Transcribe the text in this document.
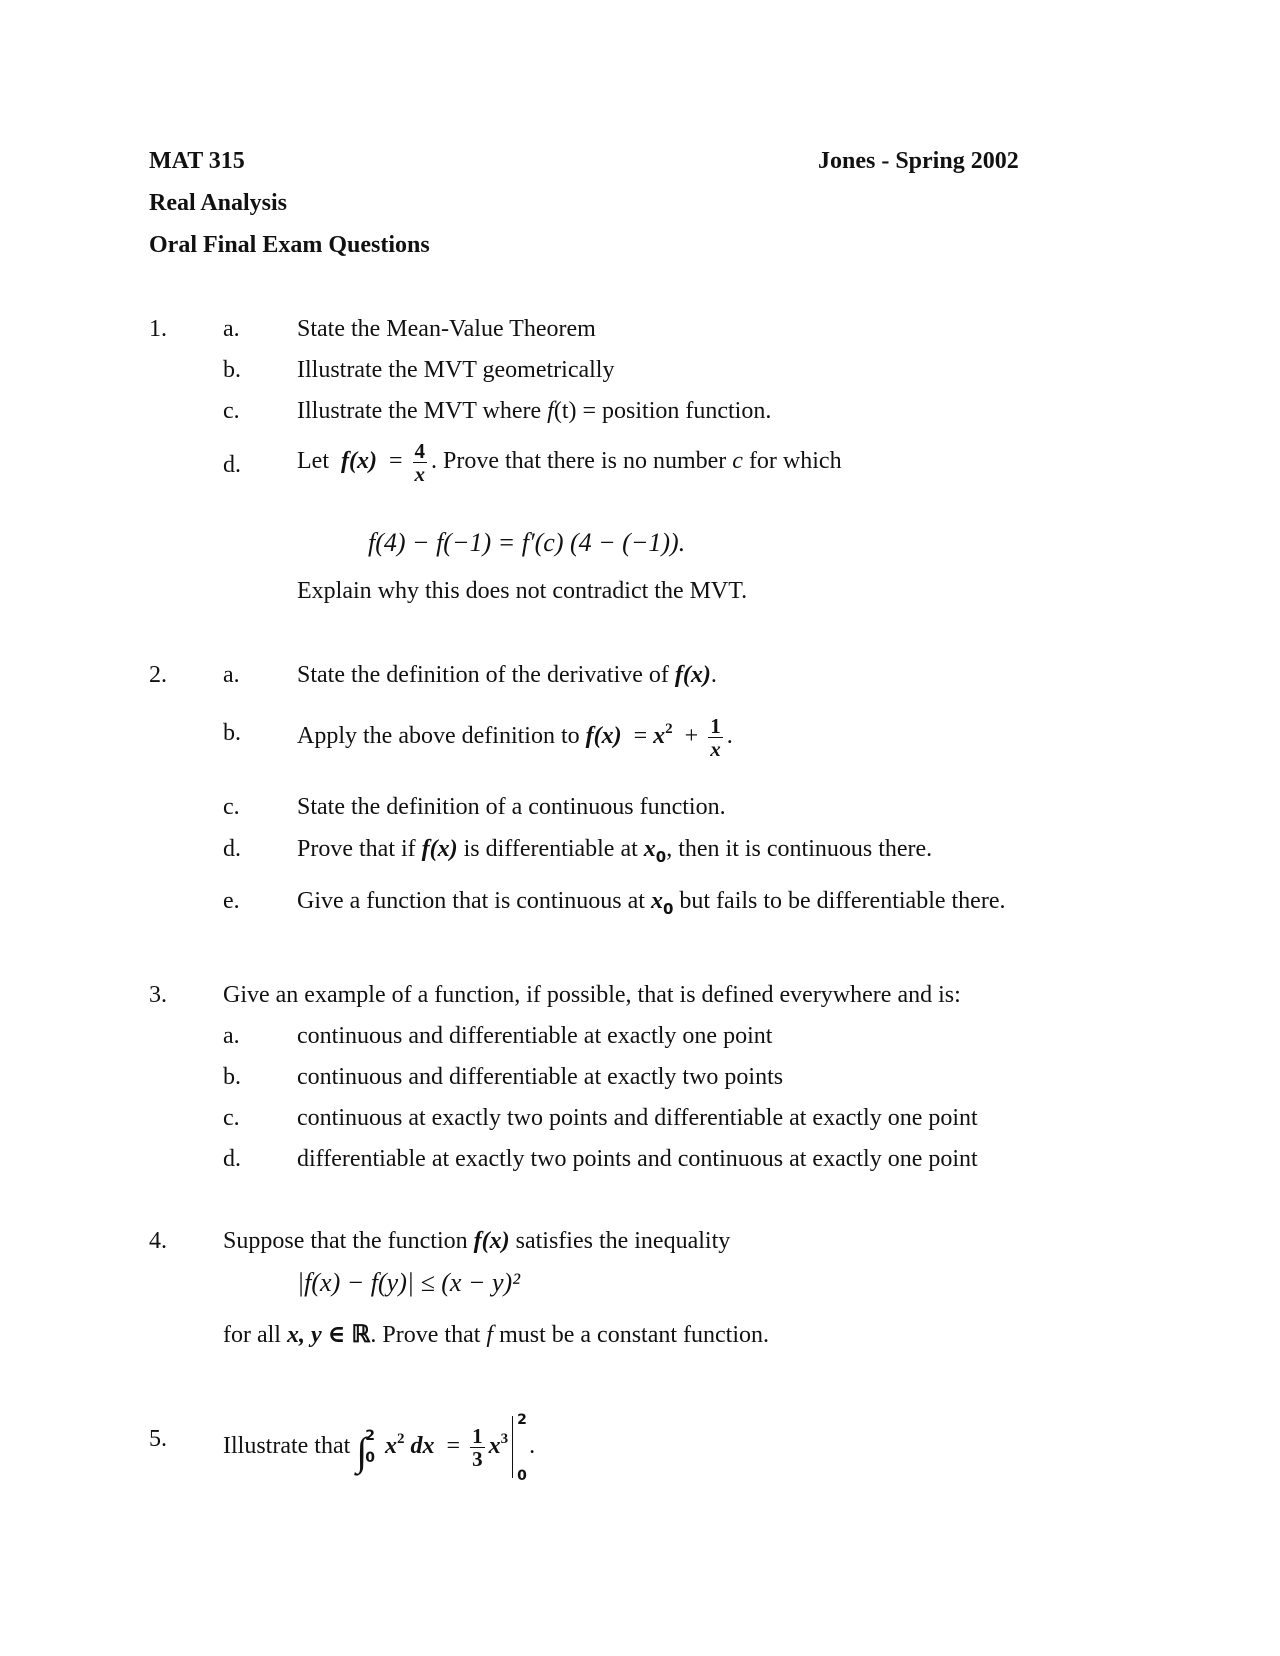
MAT 315	Jones - Spring 2002
Real Analysis
Oral Final Exam Questions
1. a. State the Mean-Value Theorem
b. Illustrate the MVT geometrically
c. Illustrate the MVT where f(t) = position function.
d. Let $f(x) = \frac{4}{x}$ . Prove that there is no number c for which
f(4) − f(−1) = f′(c) (4 − (−1)).
Explain why this does not contradict the MVT.
2. a. State the definition of the derivative of f(x).
b. Apply the above definition to $f(x) = x^2 + \frac{1}{x}$ .
c. State the definition of a continuous function.
d. Prove that if f(x) is differentiable at $x_0$, then it is continuous there.
e. Give a function that is continuous at $x_0$ but fails to be differentiable there.
3. Give an example of a function, if possible, that is defined everywhere and is:
a. continuous and differentiable at exactly one point
b. continuous and differentiable at exactly two points
c. continuous at exactly two points and differentiable at exactly one point
d. differentiable at exactly two points and continuous at exactly one point
4. Suppose that the function f(x) satisfies the inequality
|f(x) − f(y)| ≤ (x − y)²
for all x, y ∈ ℝ. Prove that f must be a constant function.
5. Illustrate that ∫
2
0 $x^2$ dx = $\frac{1}{3} x^3$
2
0
.
